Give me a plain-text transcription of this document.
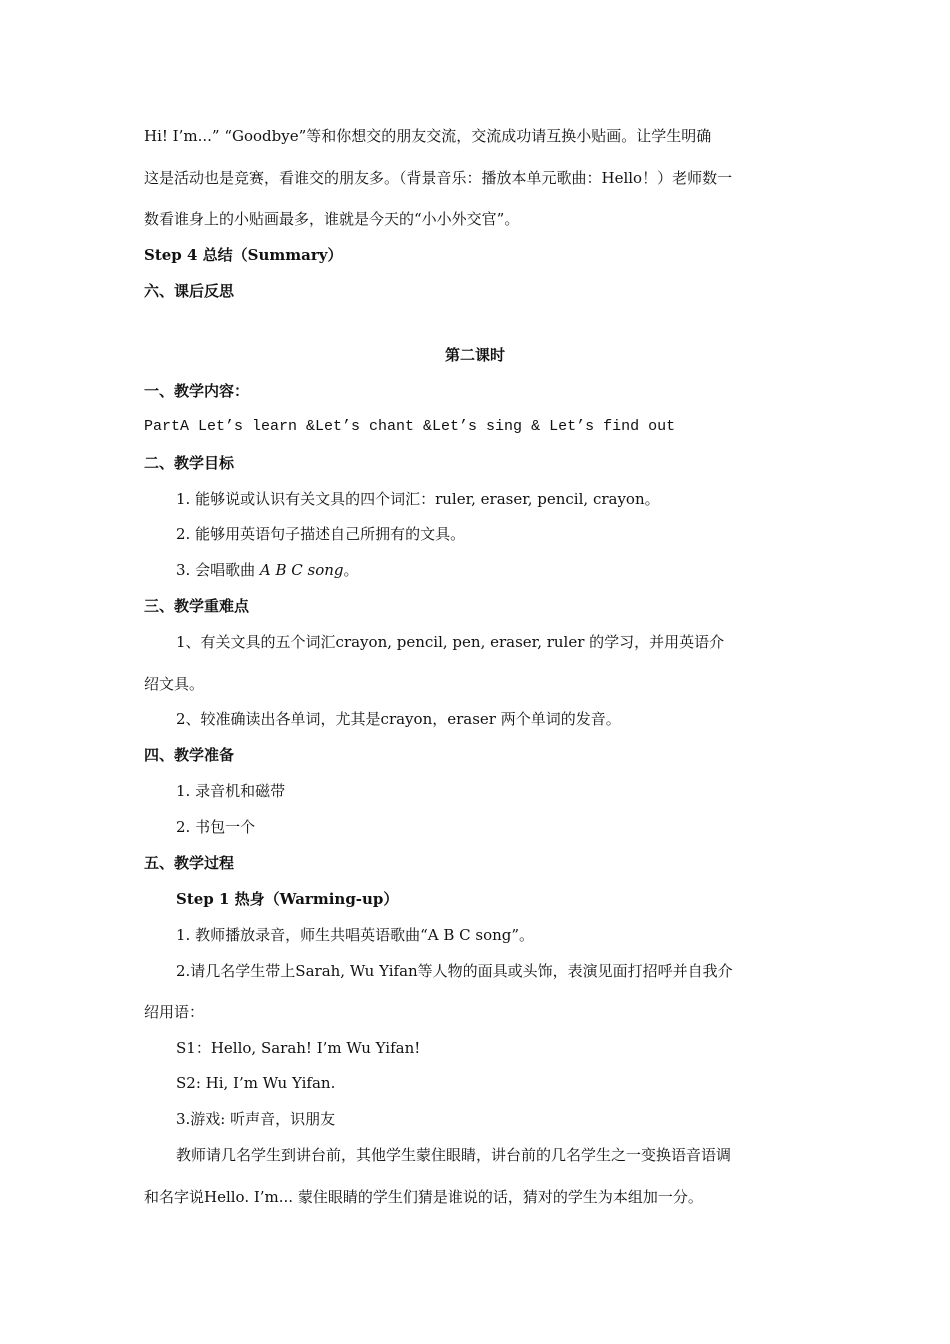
Hi! I’m...” “Goodbye”等和你想交的朋友交流，交流成功请互换小贴画。让学生明确
这是活动也是竞赛，看谁交的朋友多。（背景音乐：播放本单元歌曲：Hello！）老师数一
数看谁身上的小贴画最多，谁就是今天的“小小外交官”。
Step 4 总结（Summary）
六、课后反思
第二课时
一、教学内容：
PartA Let’s learn &Let’s chant &Let’s sing & Let’s find out
二、教学目标
1. 能够说或认识有关文具的四个词汇：ruler, eraser, pencil, crayon。
2. 能够用英语句子描述自己所拥有的文具。
3. 会唱歌曲 A B C song。
三、教学重难点
1、有关文具的五个词汇crayon, pencil, pen, eraser, ruler 的学习，并用英语介
绍文具。
2、较准确读出各单词，尤其是crayon，eraser 两个单词的发音。
四、教学准备
1. 录音机和磁带
2. 书包一个
五、教学过程
Step 1 热身（Warming-up）
1. 教师播放录音，师生共唱英语歌曲“A B C song”。
2.请几名学生带上Sarah, Wu Yifan等人物的面具或头饰，表演见面打招呼并自我介
绍用语：
S1：Hello, Sarah! I’m Wu Yifan!
S2: Hi, I’m Wu Yifan.
3.游戏: 听声音，识朋友
教师请几名学生到讲台前，其他学生蒙住眼睛，讲台前的几名学生之一变换语音语调
和名字说Hello. I’m... 蒙住眼睛的学生们猜是谁说的话，猜对的学生为本组加一分。
